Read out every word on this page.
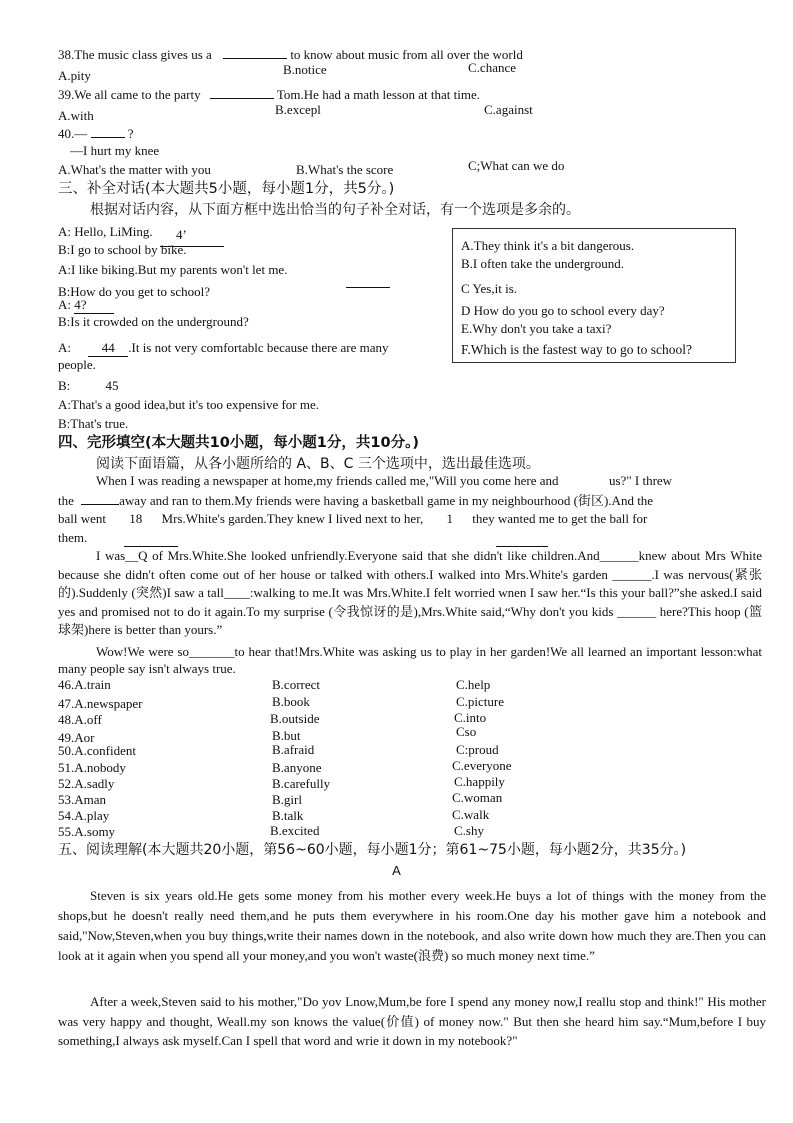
38.The music class gives us a	to know about music from all over the world
A.pity	B.notice	C.chance
39.We all came to the party	Tom.He had a math lesson at that time.
A.with	B.excepl	C.against
40.—	?
—I hurt my knee
A.What's the matter with you	B.What's the score	C;What can we do
三、补全对话(本大题共5小题，每小题1分，共5分。)
根据对话内容，从下面方框中选出恰当的句子补全对话，有一个选项是多余的。
A: Hello, LiMing. 4’
B:I go to school by bike.
A:I like biking.But my parents won't let me.
B:How do you get to school?
A: 4?
B:Is it crowded on the underground?
A: 44 .It is not very comfortablc because there are many
people.
B:	45
A:That's a good idea,but it's too expensive for me.
B:That's true.
A.They think it's a bit dangerous.
B.I often take the underground.
C Yes,it is.
D How do you go to school every day?
E.Why don't you take a taxi?
F.Which is the fastest way to go to school?
四、完形填空(本大题共10小题，每小题1分，共10分。)
阅读下面语篇，从各小题所给的 A、B、C 三个选项中，选出最佳选项。
When I was reading a newspaper at home,my friends called me,"Will you come here and	us?" I threw
the	away and ran to them.My friends were having a basketball game in my neighbourhood (街区).And the
ball went 18 Mrs.White's garden.They knew I lived next to her, 1 they wanted me to get the ball for
them.
I was__Q of Mrs.White.She looked unfriendly.Everyone said that she didn't like children.And______knew about Mrs White because she didn't often come out of her house or talked with others.I walked into Mrs.White's garden ______.I was nervous(紧张的).Suddenly (突然)I saw a tall____:walking to me.It was Mrs.White.I felt worried wnen I saw her.“Is this your ball?”she asked.I said yes and promised not to do it again.To my surprise (令我惊讶的是),Mrs.White said,“Why don't you kids ______ here?This hoop (篮球架)here is better than yours.”
Wow!We were so_______to hear that!Mrs.White was asking us to play in her garden!We all learned an important lesson:what many people say isn't always true.
46.A.train	B.correct	C.help
47.A.newspaper	B.book	C.picture
48.A.off	B.outside	C.into
49.Aor	B.but	Cso
50.A.confident	B.afraid	C:proud
51.A.nobody	B.anyone	C.everyone
52.A.sadly	B.carefully	C.happily
53.Aman	B.girl	C.woman
54.A.play	B.talk	C.walk
55.A.somy	B.excited	C.shy
五、阅读理解(本大题共20小题，第56~60小题，每小题1分；第61~75小题，每小题2分，共35分。)
A
Steven is six years old.He gets some money from his mother every week.He buys a lot of things with the money from the shops,but he doesn't really need them,and he puts them everywhere in his room.One day his mother gave him a notebook and said,"Now,Steven,when you buy things,write their names down in the notebook, and also write down how much they are.Then you can look at it again when you spend all your money,and you won't waste(浪费) so much money next time.”
After a week,Steven said to his mother,"Do yov Lnow,Mum,be fore I spend any money now,I reallu stop and think!" His mother was very happy and thought, Weall.my son knows the value(价值) of money now." But then she heard him say.“Mum,before I buy something,I always ask myself.Can I spell that word and wrie it down in my notebook?"
